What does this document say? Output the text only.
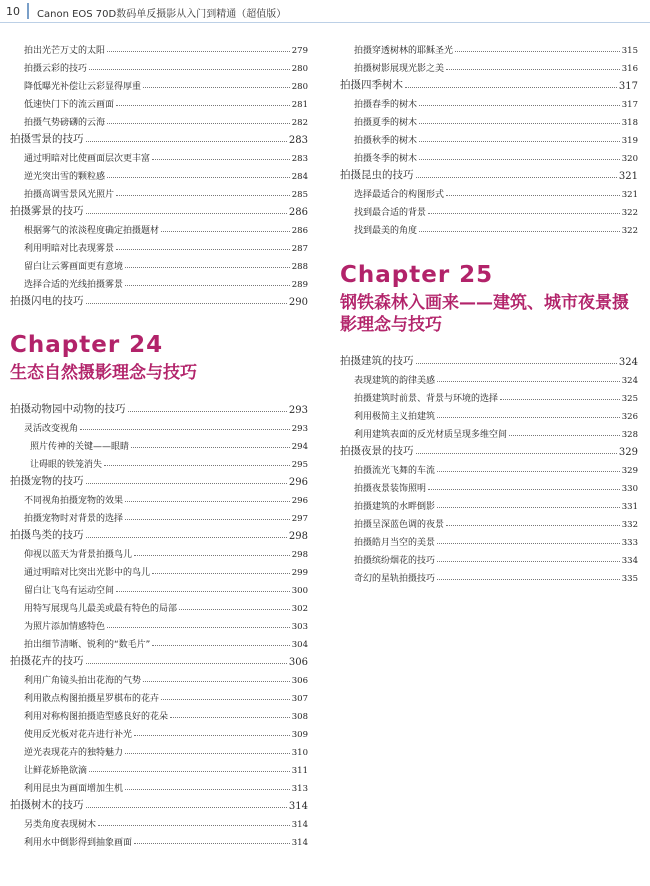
10 Canon EOS 70D数码单反摄影从入门到精通（超值版）
拍出光芒万丈的太阳	279
拍摄云彩的技巧	280
降低曝光补偿让云彩显得厚重	280
低速快门下的流云画面	281
拍摄气势磅礴的云海	282
拍摄雪景的技巧	283
通过明暗对比使画面层次更丰富	283
逆光突出雪的颗粒感	284
拍摄高调雪景风光照片	285
拍摄雾景的技巧	286
根据雾气的浓淡程度确定拍摄题材	286
利用明暗对比表现雾景	287
留白让云雾画面更有意境	288
选择合适的光线拍摄雾景	289
拍摄闪电的技巧	290
Chapter 24
生态自然摄影理念与技巧
拍摄动物园中动物的技巧	293
灵活改变视角	293
照片传神的关键——眼睛	294
让碍眼的铁笼消失	295
拍摄宠物的技巧	296
不同视角拍摄宠物的效果	296
拍摄宠物时对背景的选择	297
拍摄鸟类的技巧	298
仰视以蓝天为背景拍摄鸟儿	298
通过明暗对比突出光影中的鸟儿	299
留白让飞鸟有运动空间	300
用特写展现鸟儿最美或最有特色的局部	302
为照片添加情感特色	303
拍出细节清晰、锐利的“数毛片”	304
拍摄花卉的技巧	306
利用广角镜头拍出花海的气势	306
利用散点构图拍摄星罗棋布的花卉	307
利用对称构图拍摄造型感良好的花朵	308
使用反光板对花卉进行补光	309
逆光表现花卉的独特魅力	310
让鲜花娇艳欲滴	311
利用昆虫为画面增加生机	313
拍摄树木的技巧	314
另类角度表现树木	314
利用水中倒影得到抽象画面	314
拍摄穿透树林的耶稣圣光	315
拍摄树影展现光影之美	316
拍摄四季树木	317
拍摄春季的树木	317
拍摄夏季的树木	318
拍摄秋季的树木	319
拍摄冬季的树木	320
拍摄昆虫的技巧	321
选择最适合的构图形式	321
找到最合适的背景	322
找到最美的角度	322
Chapter 25
钢铁森林入画来——建筑、城市夜景摄影理念与技巧
拍摄建筑的技巧	324
表现建筑的韵律美感	324
拍摄建筑时前景、背景与环境的选择	325
利用极简主义拍建筑	326
利用建筑表面的反光材质呈现多维空间	328
拍摄夜景的技巧	329
拍摄流光飞舞的车流	329
拍摄夜景装饰照明	330
拍摄建筑的水畔倒影	331
拍摄呈深蓝色调的夜景	332
拍摄皓月当空的美景	333
拍摄缤纷烟花的技巧	334
奇幻的星轨拍摄技巧	335
